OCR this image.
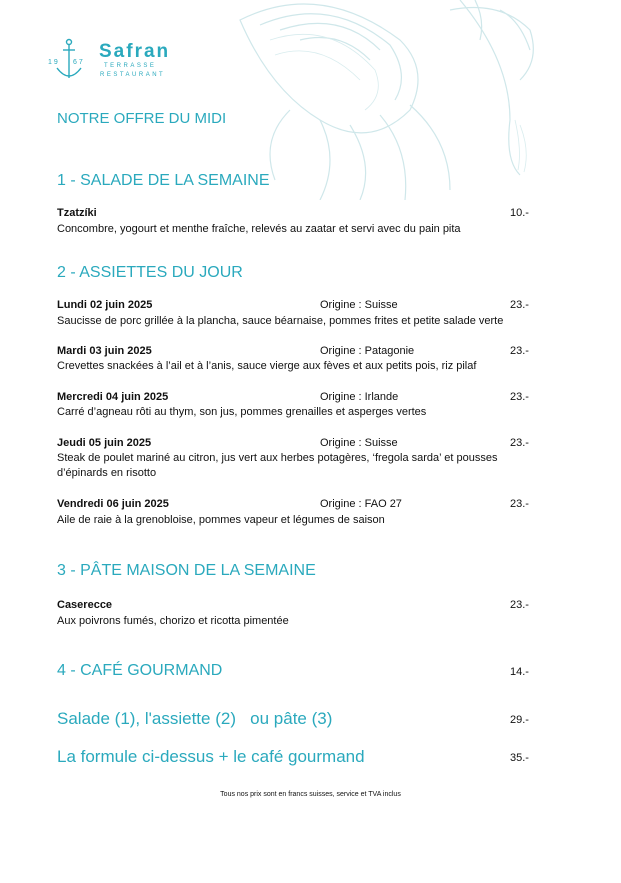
19 67
Safran
TERRASSE
RESTAURANT
NOTRE OFFRE DU MIDI
1 - SALADE DE LA SEMAINE
Tzatzíki	10.-
Concombre, yogourt et menthe fraîche, relevés au zaatar et servi avec du pain pita
2 - ASSIETTES DU JOUR
Lundi 02 juin 2025	Origine : Suisse	23.-
Saucisse de porc grillée à la plancha, sauce béarnaise, pommes frites et petite salade verte
Mardi 03 juin 2025	Origine : Patagonie	23.-
Crevettes snackées à l’ail et à l’anis, sauce vierge aux fèves et aux petits pois, riz pilaf
Mercredi 04 juin 2025	Origine : Irlande	23.-
Carré d’agneau rôti au thym, son jus, pommes grenailles et asperges vertes
Jeudi 05 juin 2025	Origine : Suisse	23.-
Steak de poulet mariné au citron, jus vert aux herbes potagères, ‘fregola sarda’ et pousses
d’épinards en risotto
Vendredi 06 juin 2025	Origine : FAO 27	23.-
Aile de raie à la grenobloise, pommes vapeur et légumes de saison
3 - PÂTE MAISON DE LA SEMAINE
Caserecce	23.-
Aux poivrons fumés, chorizo et ricotta pimentée
4 - CAFÉ GOURMAND	14.-
Salade (1), l'assiette (2)   ou pâte (3)	29.-
La formule ci-dessus + le café gourmand	35.-
Tous nos prix sont en francs suisses, service et TVA inclus
